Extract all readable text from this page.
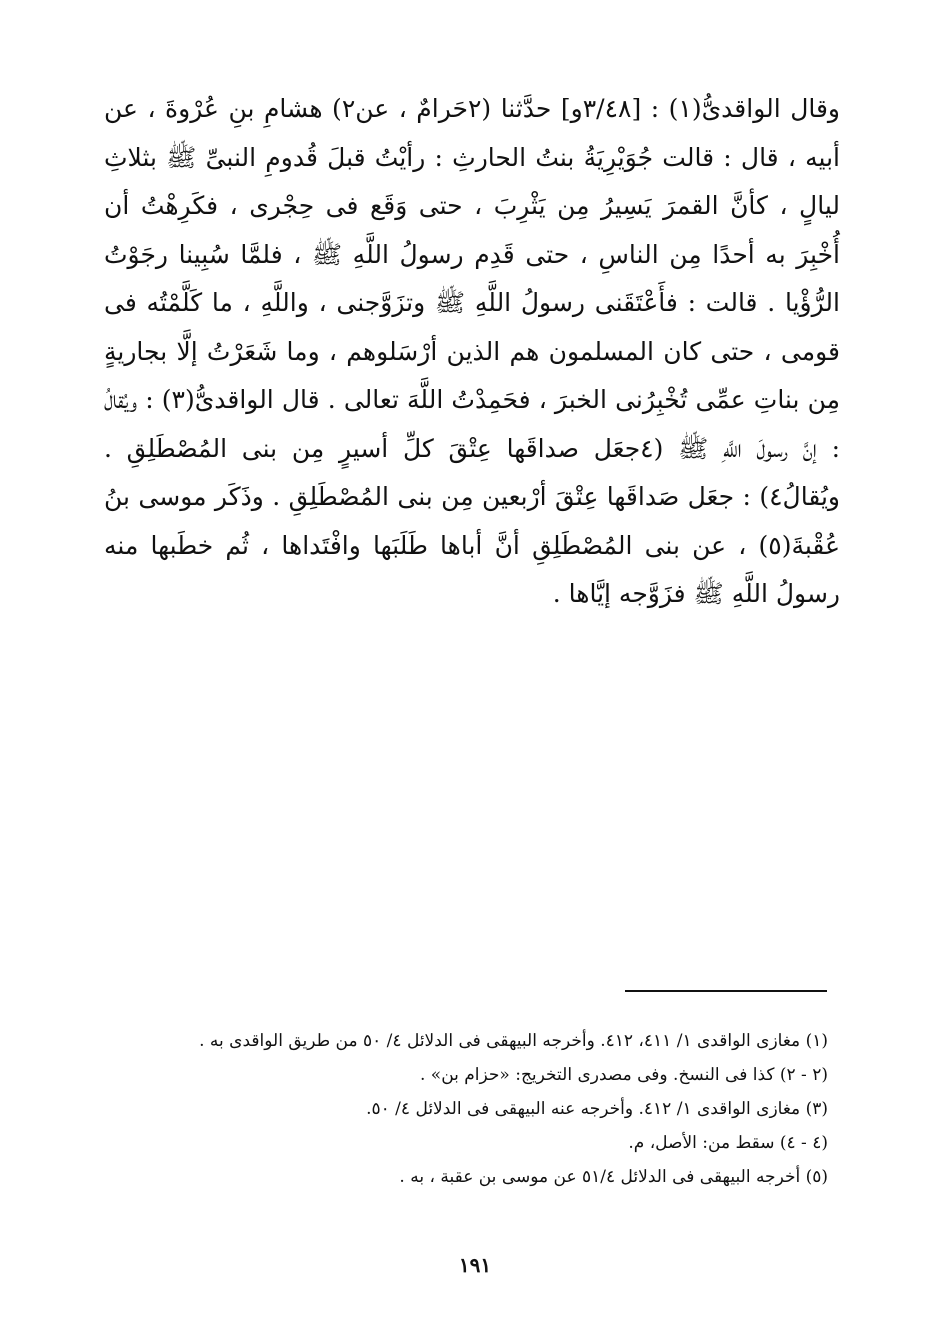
وقال الواقدىُّ(١) : [٣/٤٨و] حدَّثنا (٢حَرامٌ ، عن٢) هشامِ بنِ عُرْوةَ ، عن أبيه ، قال : قالت جُوَيْرِيَةُ بنتُ الحارثِ : رأيْتُ قبلَ قُدومِ النبىِّ ﷺ بثلاثِ ليالٍ ، كأنَّ القمرَ يَسِيرُ مِن يَثْرِبَ ، حتى وَقَع فى حِجْرى ، فكَرِهْتُ أن أُخْبِرَ به أحدًا مِن الناسِ ، حتى قَدِم رسولُ اللَّهِ ﷺ ، فلمَّا سُبِينا رجَوْتُ الرُّؤْيا . قالت : فأَعْتَقَنى رسولُ اللَّهِ ﷺ وتزَوَّجنى ، واللَّهِ ، ما كَلَّمْتُه فى قومى ، حتى كان المسلمون هم الذين أرْسَلوهم ، وما شَعَرْتُ إلَّا بجاريةٍ مِن بناتِ عمِّى تُخْبِرُنى الخبرَ ، فحَمِدْتُ اللَّهَ تعالى . قال الواقدىُّ(٣) : ويُقالُ : إنَّ رسولَ اللَّهِ ﷺ (٤جعَل صداقَها عِتْقَ كلِّ أسيرٍ مِن بنى المُصْطَلِقِ . ويُقالُ٤) : جعَل صَداقَها عِتْقَ أرْبعين مِن بنى المُصْطَلِقِ . وذَكَر موسى بنُ عُقْبةَ(٥) ، عن بنى المُصْطَلِقِ أنَّ أباها طَلَبَها وافْتَداها ، ثُم خطَبها منه رسولُ اللَّهِ ﷺ فزَوَّجه إيَّاها .

(١) مغازى الواقدى ١/ ٤١١، ٤١٢. وأخرجه البيهقى فى الدلائل ٤/ ٥٠ من طريق الواقدى به .
(٢ - ٢) كذا فى النسخ. وفى مصدرى التخريج: «حزام بن» .
(٣) مغازى الواقدى ١/ ٤١٢. وأخرجه عنه البيهقى فى الدلائل ٤/ ٥٠.
(٤ - ٤) سقط من: الأصل، م.
(٥) أخرجه البيهقى فى الدلائل ٥١/٤ عن موسى بن عقبة ، به .
١٩١
